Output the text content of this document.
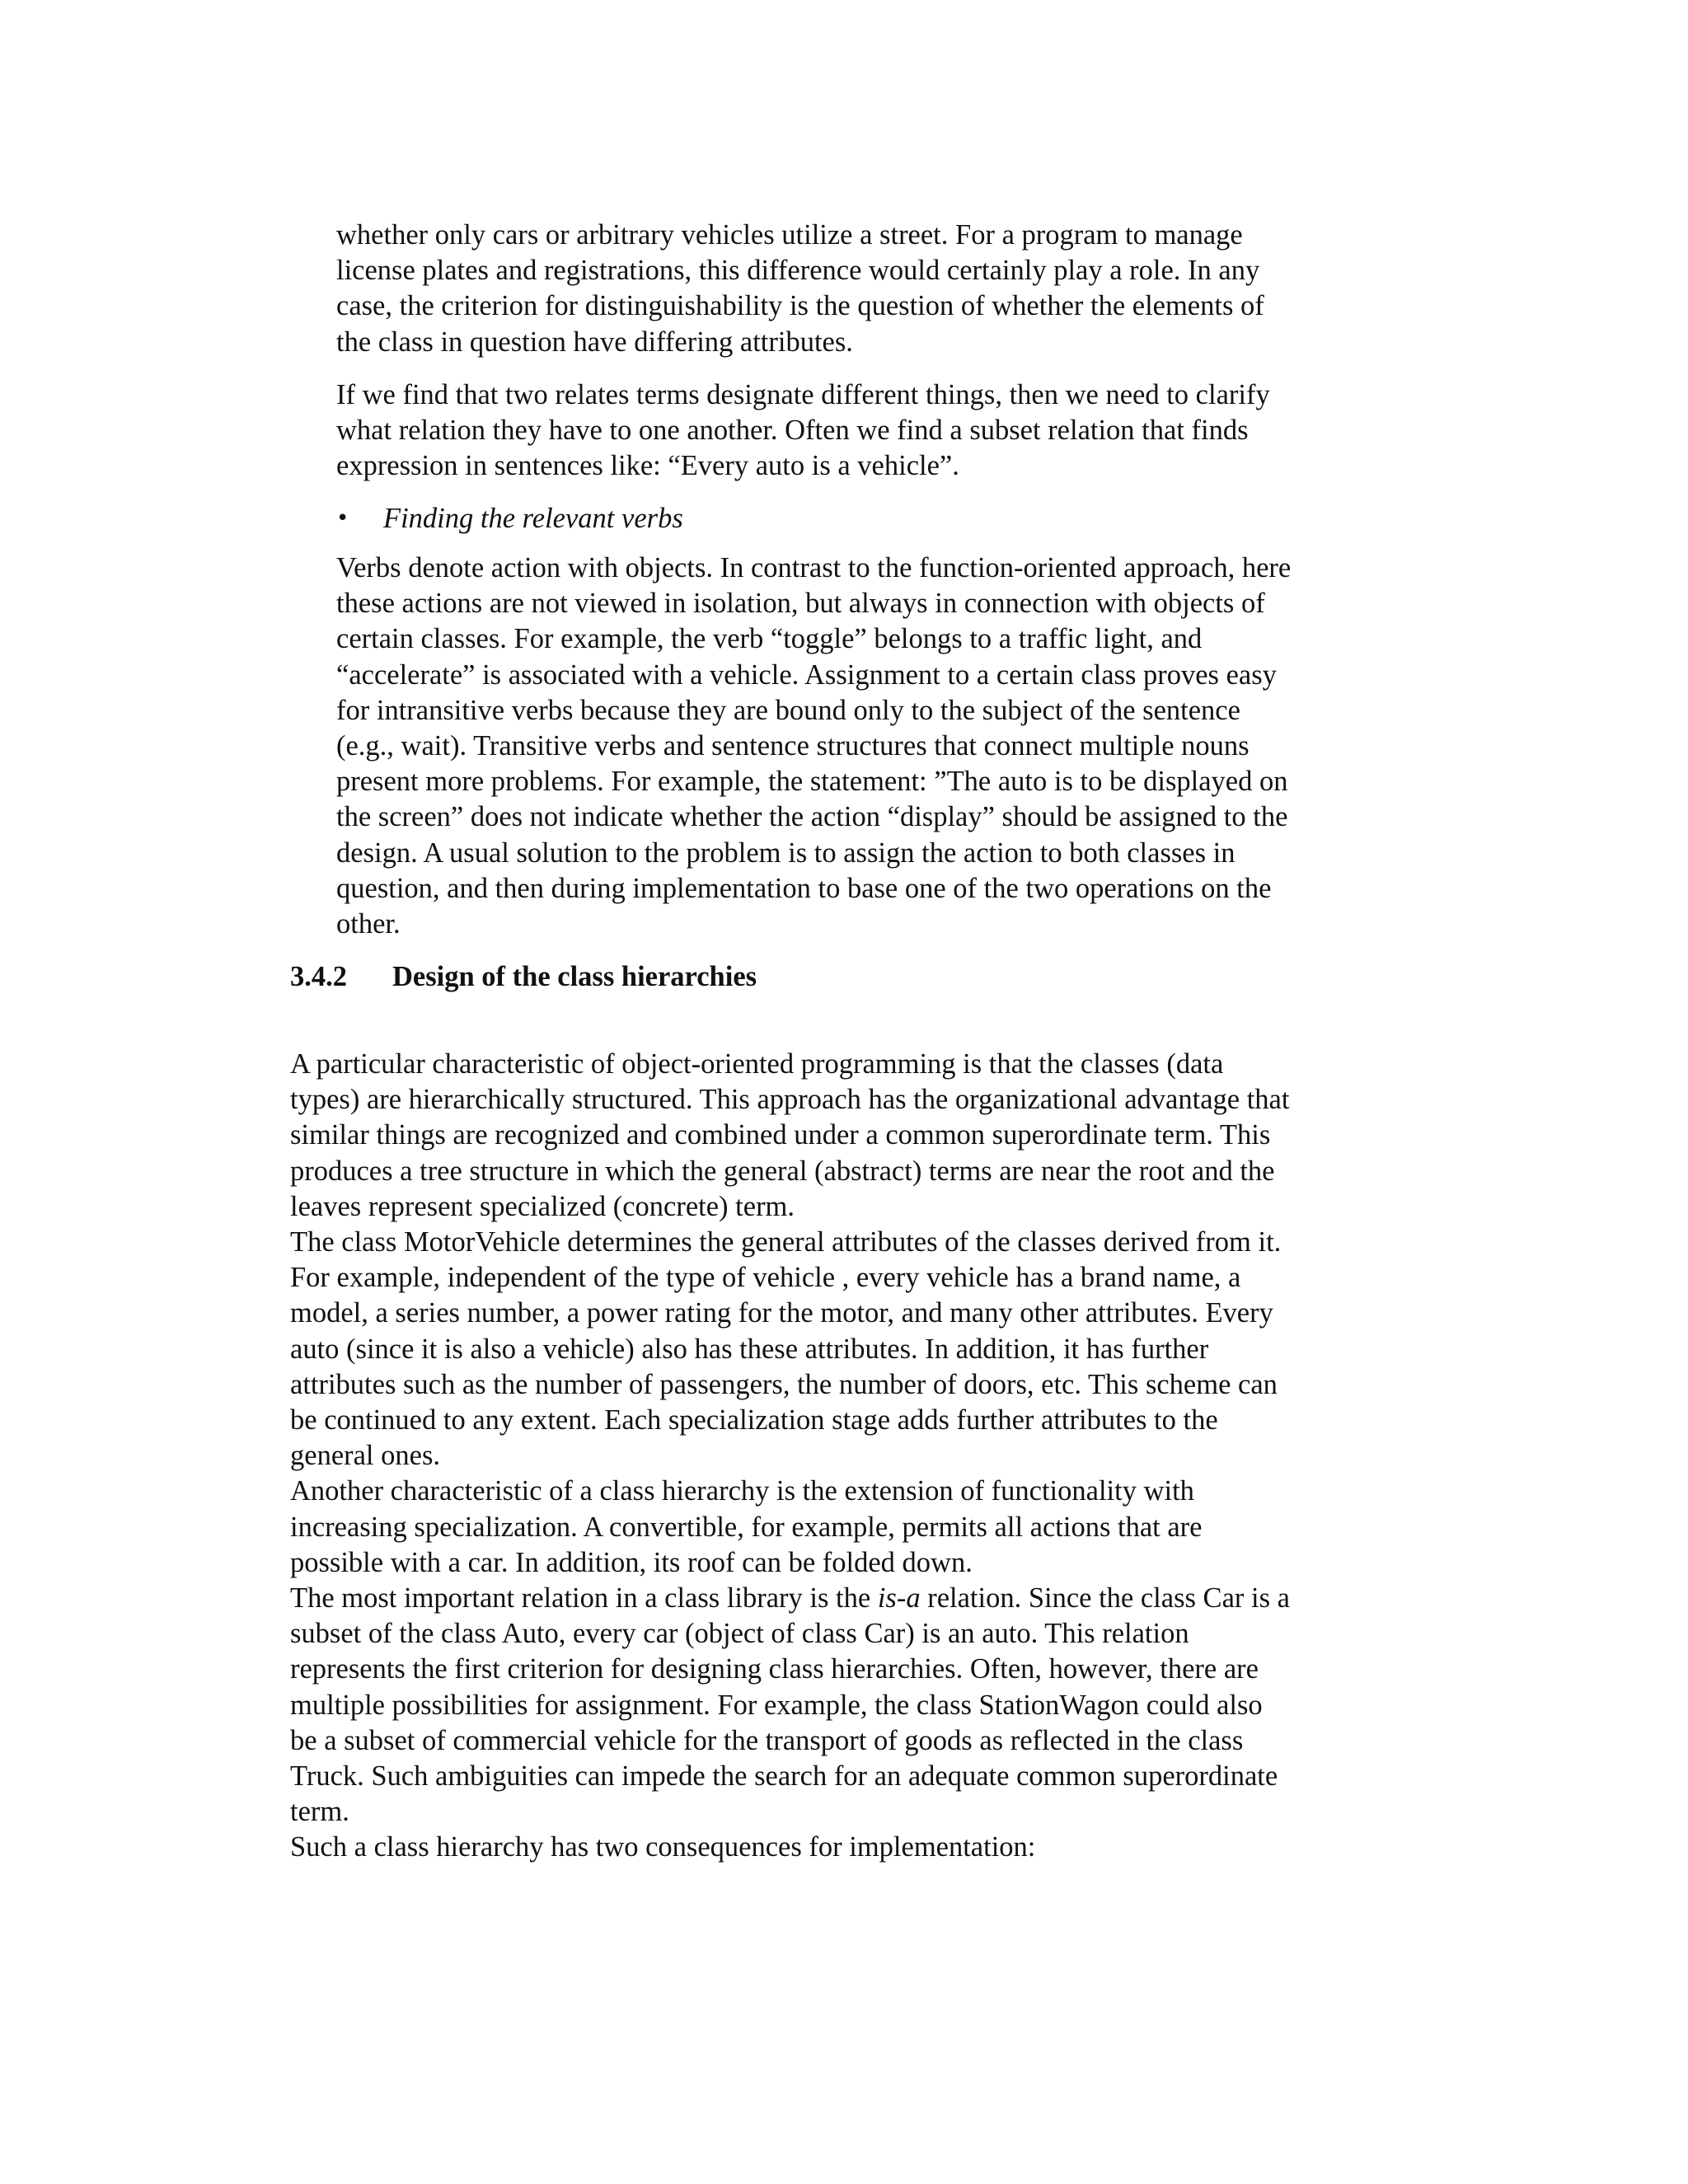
whether only cars or arbitrary vehicles utilize a street. For a program to manage
license plates and registrations, this difference would certainly play a role. In any
case, the criterion for distinguishability is the question of whether the elements of
the class in question have differing attributes.

If we find that two relates terms designate different things, then we need to clarify
what relation they have to one another. Often we find a subset relation that finds
expression in sentences like: “Every auto is a vehicle”.

• Finding the relevant verbs

Verbs denote action with objects. In contrast to the function-oriented approach, here
these actions are not viewed in isolation, but always in connection with objects of
certain classes. For example, the verb “toggle” belongs to a traffic light, and
“accelerate” is associated with a vehicle. Assignment to a certain class proves easy
for intransitive verbs because they are bound only to the subject of the sentence
(e.g., wait). Transitive verbs and sentence structures that connect multiple nouns
present more problems. For example, the statement: ”The auto is to be displayed on
the screen” does not indicate whether the action “display” should be assigned to the
design. A usual solution to the problem is to assign the action to both classes in
question, and then during implementation to base one of the two operations on the
other.

3.4.2 Design of the class hierarchies

A particular characteristic of object-oriented programming is that the classes (data
types) are hierarchically structured. This approach has the organizational advantage that
similar things are recognized and combined under a common superordinate term. This
produces a tree structure in which the general (abstract) terms are near the root and the
leaves represent specialized (concrete) term.
The class MotorVehicle determines the general attributes of the classes derived from it.
For example, independent of the type of vehicle , every vehicle has a brand name, a
model, a series number, a power rating for the motor, and many other attributes. Every
auto (since it is also a vehicle) also has these attributes. In addition, it has further
attributes such as the number of passengers, the number of doors, etc. This scheme can
be continued to any extent. Each specialization stage adds further attributes to the
general ones.
Another characteristic of a class hierarchy is the extension of functionality with
increasing specialization. A convertible, for example, permits all actions that are
possible with a car. In addition, its roof can be folded down.
The most important relation in a class library is the is-a relation. Since the class Car is a
subset of the class Auto, every car (object of class Car) is an auto. This relation
represents the first criterion for designing class hierarchies. Often, however, there are
multiple possibilities for assignment. For example, the class StationWagon could also
be a subset of commercial vehicle for the transport of goods as reflected in the class
Truck. Such ambiguities can impede the search for an adequate common superordinate
term.
Such a class hierarchy has two consequences for implementation:
